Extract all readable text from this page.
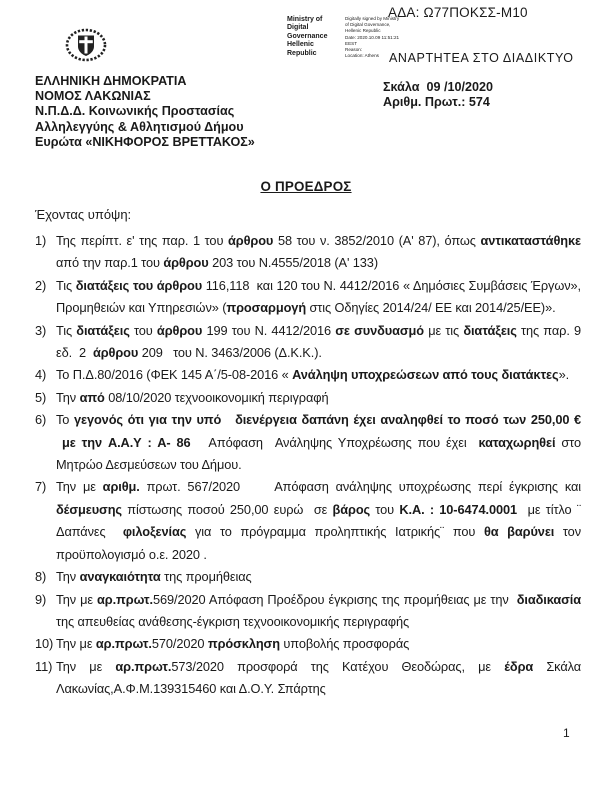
ΑΔΑ: Ω77ΠΟΚΣΣ-Μ10
Ministry of Digital
Governance
Hellenic Republic
Digitally signed by Ministry
of Digital Governance,
Hellenic Republic
Date: 2020.10.09 11:51:21
EEST
Reason:
Location: Athens ΑΝΑΡΤΗΤΕΑ ΣΤΟ ΔΙΑΔΙΚΤΥΟ
ΕΛΛΗΝΙΚΗ ΔΗΜΟΚΡΑΤΙΑ
ΝΟΜΟΣ ΛΑΚΩΝΙΑΣ
Ν.Π.Δ.Δ. Κοινωνικής Προστασίας
Αλληλεγγύης & Αθλητισμού Δήμου
Ευρώτα «ΝΙΚΗΦΟΡΟΣ ΒΡΕΤΤΑΚΟΣ»
Σκάλα  09 /10/2020
Αριθμ. Πρωτ.: 574
Ο ΠΡΟΕΔΡΟΣ
Έχοντας υπόψη:
1) Της περίπτ. ε' της παρ. 1 του άρθρου 58 του ν. 3852/2010 (Α' 87), όπως αντικαταστάθηκε από την παρ.1 του άρθρου 203 του Ν.4555/2018 (Α' 133)
2) Τις διατάξεις του άρθρου 116,118  και 120 του Ν. 4412/2016 « Δημόσιες Συμβάσεις Έργων», Προμηθειών και Υπηρεσιών» (προσαρμογή στις Οδηγίες 2014/24/ ΕΕ και 2014/25/ΕΕ)».
3) Τις διατάξεις του άρθρου 199 του Ν. 4412/2016 σε συνδυασμό με τις διατάξεις της παρ. 9 εδ.  2  άρθρου 209   του Ν. 3463/2006 (Δ.Κ.Κ.).
4) Το Π.Δ.80/2016 (ΦΕΚ 145 Α΄/5-08-2016 « Ανάληψη υποχρεώσεων από τους διατάκτες».
5) Την από 08/10/2020 τεχνοοικονομική περιγραφή
6) Το γεγονός ότι για την υπό   διενέργεια δαπάνη έχει αναληφθεί το ποσό των 250,00 €  με την Α.Α.Υ : Α- 86   Απόφαση  Ανάληψης Υποχρέωσης που έχει  καταχωρηθεί στο Μητρώο Δεσμεύσεων του Δήμου.
7) Την με αριθμ. πρωτ. 567/2020     Απόφαση ανάληψης υποχρέωσης περί έγκρισης και δέσμευσης πίστωσης ποσού 250,00 ευρώ  σε βάρος του Κ.Α. : 10-6474.0001  με τίτλο ¨ Δαπάνες  φιλοξενίας για το πρόγραμμα προληπτικής Ιατρικής¨ που θα βαρύνει τον προϋπολογισμό ο.ε. 2020 .
8) Την αναγκαιότητα της προμήθειας
9) Την με αρ.πρωτ.569/2020 Απόφαση Προέδρου έγκρισης της προμήθειας με την  διαδικασία της απευθείας ανάθεσης-έγκριση τεχνοοικονομικής περιγραφής
10) Την με αρ.πρωτ.570/2020 πρόσκληση υποβολής προσφοράς
11) Την με αρ.πρωτ.573/2020 προσφορά της Κατέχου Θεοδώρας, με έδρα Σκάλα Λακωνίας,Α.Φ.Μ.139315460 και Δ.Ο.Υ. Σπάρτης
1
